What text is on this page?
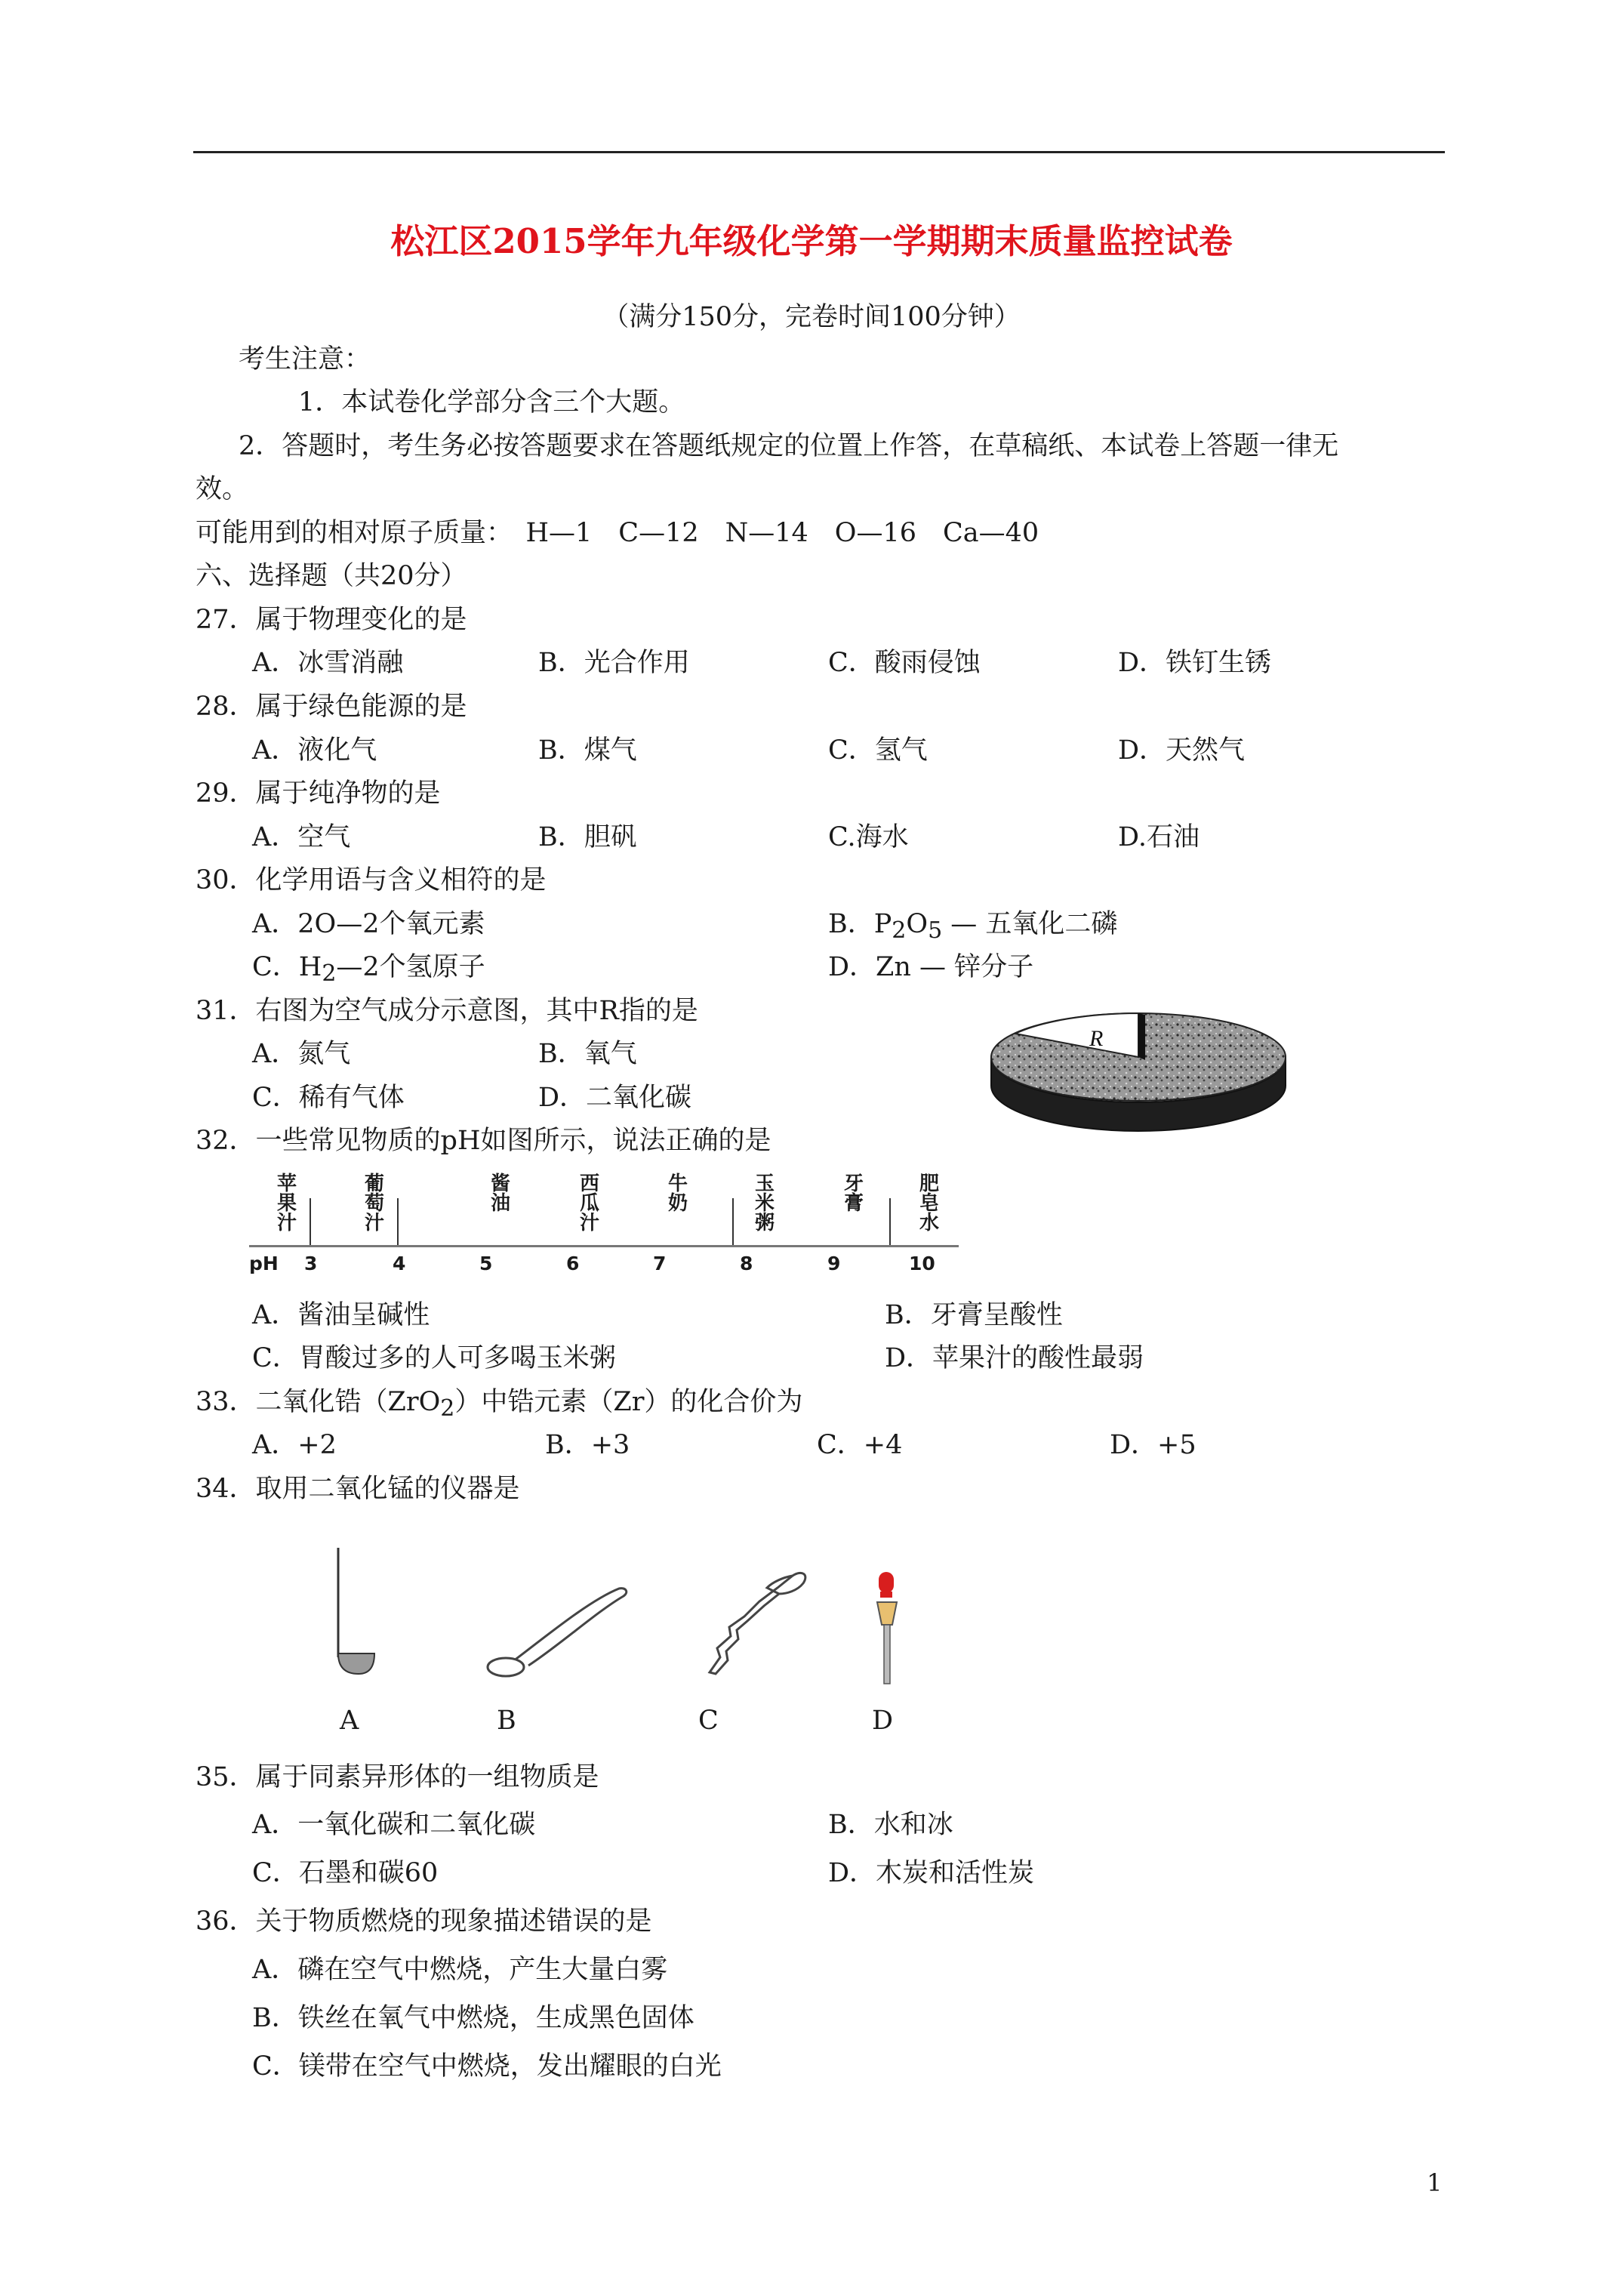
松江区2015学年九年级化学第一学期期末质量监控试卷
（满分150分，完卷时间100分钟）
考生注意：
1．本试卷化学部分含三个大题。
2．答题时，考生务必按答题要求在答题纸规定的位置上作答，在草稿纸、本试卷上答题一律无
效。
可能用到的相对原子质量：　H—1　C—12　N—14　O—16　Ca—40
六、选择题（共20分）
27．属于物理变化的是
A．冰雪消融	B．光合作用	C．酸雨侵蚀	D．铁钉生锈
28．属于绿色能源的是
A．液化气	B．煤气	C．氢气	D．天然气
29．属于纯净物的是
A．空气	B．胆矾	C.海水	D.石油
30．化学用语与含义相符的是
A．2O—2个氧元素	B．P2O5 — 五氧化二磷
C．H2—2个氢原子	D．Zn — 锌分子
31．右图为空气成分示意图，其中R指的是
A．氮气	B．氧气
C．稀有气体	D．二氧化碳
R
32．一些常见物质的pH如图所示，说法正确的是
苹果汁
葡萄汁
酱油
西瓜汁
牛奶
玉米粥
牙膏
肥皂水
pH 3	4	5	6	7	8	9	10
A．酱油呈碱性	B．牙膏呈酸性
C．胃酸过多的人可多喝玉米粥	D．苹果汁的酸性最弱
33．二氧化锆（ZrO2）中锆元素（Zr）的化合价为
A．+2	B．+3	C．+4	D．+5
34．取用二氧化锰的仪器是
A	B	C	D
35．属于同素异形体的一组物质是
A．一氧化碳和二氧化碳	B．水和冰
C．石墨和碳60	D．木炭和活性炭
36．关于物质燃烧的现象描述错误的是
A．磷在空气中燃烧，产生大量白雾
B．铁丝在氧气中燃烧，生成黑色固体
C．镁带在空气中燃烧，发出耀眼的白光
1
